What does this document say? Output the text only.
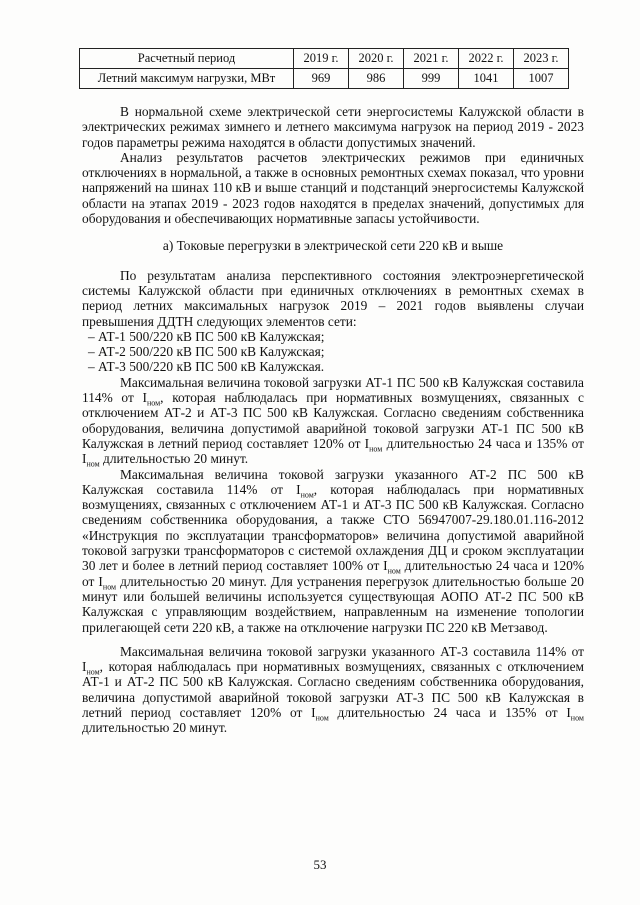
Расчетный период	2019 г.	2020 г.	2021 г.	2022 г.	2023 г.
Летний максимум нагрузки, МВт	969	986	999	1041	1007

В нормальной схеме электрической сети энергосистемы Калужской области в электрических режимах зимнего и летнего максимума нагрузок на период 2019 - 2023 годов параметры режима находятся в области допустимых значений.

Анализ результатов расчетов электрических режимов при единичных отключениях в нормальной, а также в основных ремонтных схемах показал, что уровни напряжений на шинах 110 кВ и выше станций и подстанций энергосистемы Калужской области на этапах 2019 - 2023 годов находятся в пределах значений, допустимых для оборудования и обеспечивающих нормативные запасы устойчивости.

а) Токовые перегрузки в электрической сети 220 кВ и выше

По результатам анализа перспективного состояния электроэнергетической системы Калужской области при единичных отключениях в ремонтных схемах в период летних максимальных нагрузок 2019 – 2021 годов выявлены случаи превышения ДДТН следующих элементов сети:

– АТ-1 500/220 кВ ПС 500 кВ Калужская;

– АТ-2 500/220 кВ ПС 500 кВ Калужская;

– АТ-3 500/220 кВ ПС 500 кВ Калужская.

Максимальная величина токовой загрузки АТ-1 ПС 500 кВ Калужская составила 114% от $I_{ном}$, которая наблюдалась при нормативных возмущениях, связанных с отключением АТ-2 и АТ-3 ПС 500 кВ Калужская. Согласно сведениям собственника оборудования, величина допустимой аварийной токовой загрузки АТ-1 ПС 500 кВ Калужская в летний период составляет 120% от $I_{ном}$ длительностью 24 часа и 135% от $I_{ном}$ длительностью 20 минут.

Максимальная величина токовой загрузки указанного АТ-2 ПС 500 кВ Калужская составила 114% от $I_{ном}$, которая наблюдалась при нормативных возмущениях, связанных с отключением АТ-1 и АТ-3 ПС 500 кВ Калужская. Согласно сведениям собственника оборудования, а также СТО 56947007-29.180.01.116-2012 «Инструкция по эксплуатации трансформаторов» величина допустимой аварийной токовой загрузки трансформаторов с системой охлаждения ДЦ и сроком эксплуатации 30 лет и более в летний период составляет 100% от $I_{ном}$ длительностью 24 часа и 120% от $I_{ном}$ длительностью 20 минут. Для устранения перегрузок длительностью больше 20 минут или большей величины используется существующая АОПО АТ-2 ПС 500 кВ Калужская с управляющим воздействием, направленным на изменение топологии прилегающей сети 220 кВ, а также на отключение нагрузки ПС 220 кВ Метзавод.

Максимальная величина токовой загрузки указанного АТ-3 составила 114% от $I_{ном}$, которая наблюдалась при нормативных возмущениях, связанных с отключением АТ-1 и АТ-2 ПС 500 кВ Калужская. Согласно сведениям собственника оборудования, величина допустимой аварийной токовой загрузки АТ-3 ПС 500 кВ Калужская в летний период составляет 120% от $I_{ном}$ длительностью 24 часа и 135% от $I_{ном}$ длительностью 20 минут.

53
